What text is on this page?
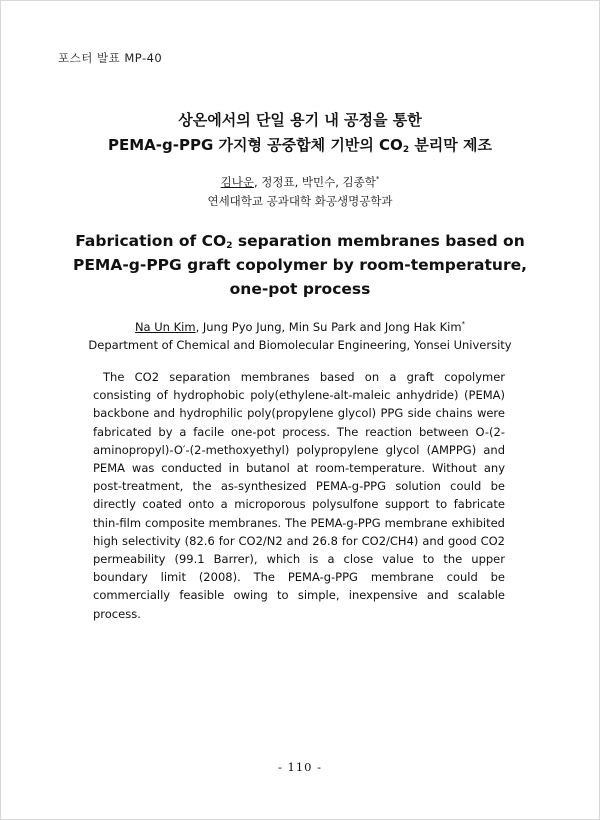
포스터 발표 MP-40
상온에서의 단일 용기 내 공정을 통한
PEMA-g-PPG 가지형 공중합체 기반의 $CO_2$ 분리막 제조
김나운, 정정표, 박민수, 김종학*
연세대학교 공과대학 화공생명공학과
Fabrication of $CO_2$ separation membranes based on
PEMA-g-PPG graft copolymer by room-temperature,
one-pot process
Na Un Kim, Jung Pyo Jung, Min Su Park and Jong Hak Kim*
Department of Chemical and Biomolecular Engineering, Yonsei University
The CO2 separation membranes based on a graft copolymer consisting of hydrophobic poly(ethylene-alt-maleic anhydride) (PEMA) backbone and hydrophilic poly(propylene glycol) PPG side chains were fabricated by a facile one-pot process. The reaction between O-(2-aminopropyl)-O′-(2-methoxyethyl) polypropylene glycol (AMPPG) and PEMA was conducted in butanol at room-temperature. Without any post-treatment, the as-synthesized PEMA-g-PPG solution could be directly coated onto a microporous polysulfone support to fabricate thin-film composite membranes. The PEMA-g-PPG membrane exhibited high selectivity (82.6 for CO2/N2 and 26.8 for CO2/CH4) and good CO2 permeability (99.1 Barrer), which is a close value to the upper boundary limit (2008). The PEMA-g-PPG membrane could be commercially feasible owing to simple, inexpensive and scalable process.
- 110 -
